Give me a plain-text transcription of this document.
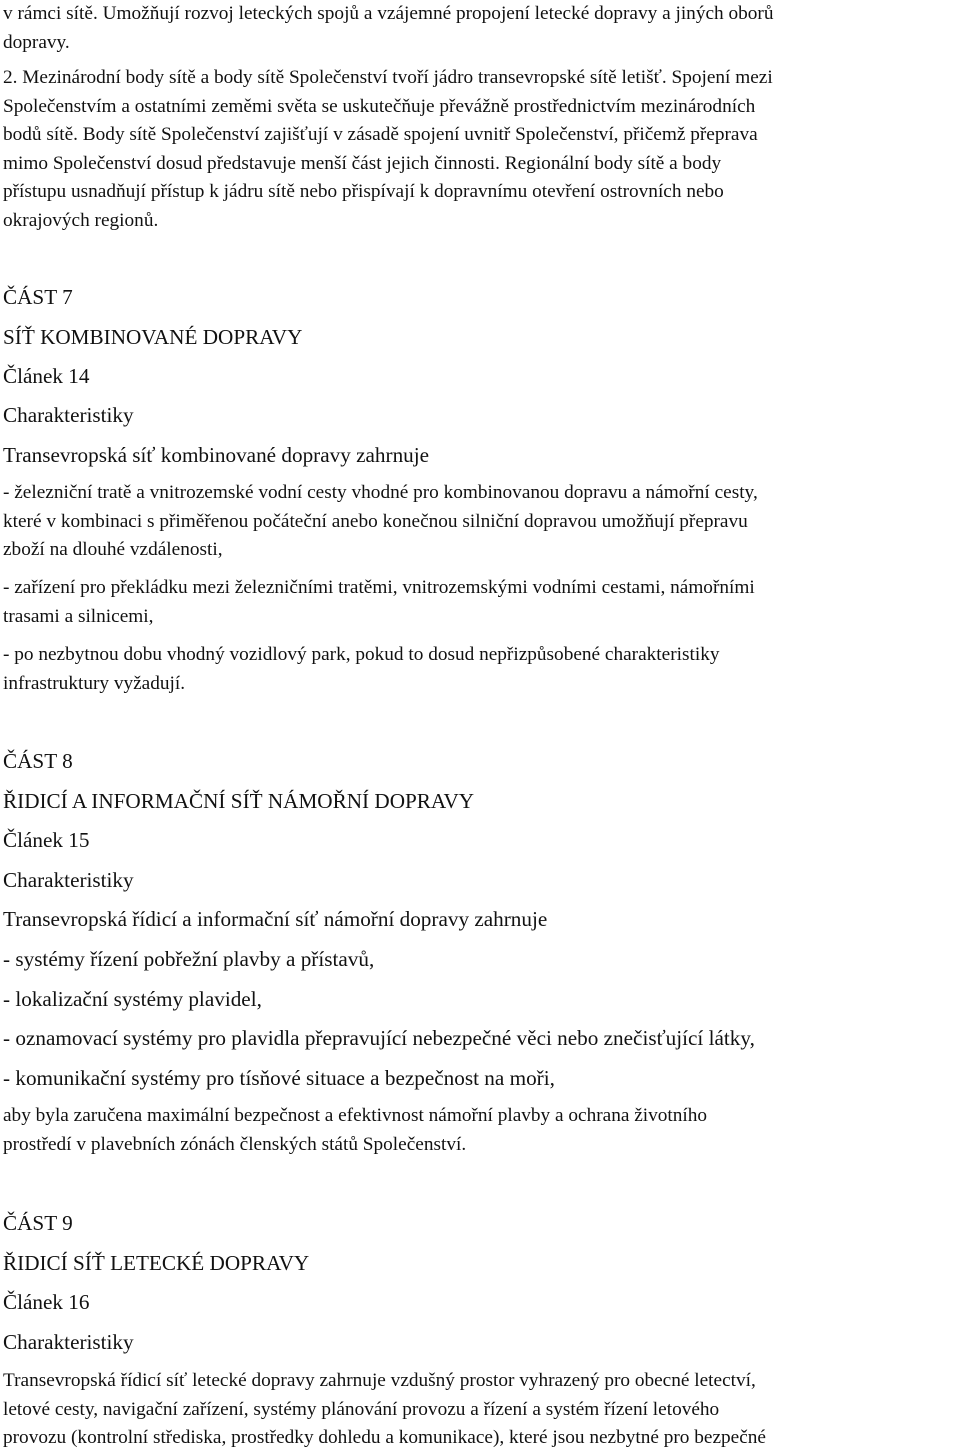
v rámci sítě. Umožňují rozvoj leteckých spojů a vzájemné propojení letecké dopravy a jiných oborů
dopravy.

2. Mezinárodní body sítě a body sítě Společenství tvoří jádro transevropské sítě letišť. Spojení mezi
Společenstvím a ostatními zeměmi světa se uskutečňuje převážně prostřednictvím mezinárodních
bodů sítě. Body sítě Společenství zajišťují v zásadě spojení uvnitř Společenství, přičemž přeprava
mimo Společenství dosud představuje menší část jejich činnosti. Regionální body sítě a body
přístupu usnadňují přístup k jádru sítě nebo přispívají k dopravnímu otevření ostrovních nebo
okrajových regionů.

ČÁST 7

SÍŤ KOMBINOVANÉ DOPRAVY

Článek 14

Charakteristiky

Transevropská síť kombinované dopravy zahrnuje

- železniční tratě a vnitrozemské vodní cesty vhodné pro kombinovanou dopravu a námořní cesty,
které v kombinaci s přiměřenou počáteční anebo konečnou silniční dopravou umožňují přepravu
zboží na dlouhé vzdálenosti,

- zařízení pro překládku mezi železničními tratěmi, vnitrozemskými vodními cestami, námořními
trasami a silnicemi,

- po nezbytnou dobu vhodný vozidlový park, pokud to dosud nepřizpůsobené charakteristiky
infrastruktury vyžadují.

ČÁST 8

ŘIDICÍ A INFORMAČNÍ SÍŤ NÁMOŘNÍ DOPRAVY

Článek 15

Charakteristiky

Transevropská řídicí a informační síť námořní dopravy zahrnuje

- systémy řízení pobřežní plavby a přístavů,

- lokalizační systémy plavidel,

- oznamovací systémy pro plavidla přepravující nebezpečné věci nebo znečisťující látky,

- komunikační systémy pro tísňové situace a bezpečnost na moři,

aby byla zaručena maximální bezpečnost a efektivnost námořní plavby a ochrana životního
prostředí v plavebních zónách členských států Společenství.

ČÁST 9

ŘIDICÍ SÍŤ LETECKÉ DOPRAVY

Článek 16

Charakteristiky

Transevropská řídicí síť letecké dopravy zahrnuje vzdušný prostor vyhrazený pro obecné letectví,
letové cesty, navigační zařízení, systémy plánování provozu a řízení a systém řízení letového
provozu (kontrolní střediska, prostředky dohledu a komunikace), které jsou nezbytné pro bezpečné
